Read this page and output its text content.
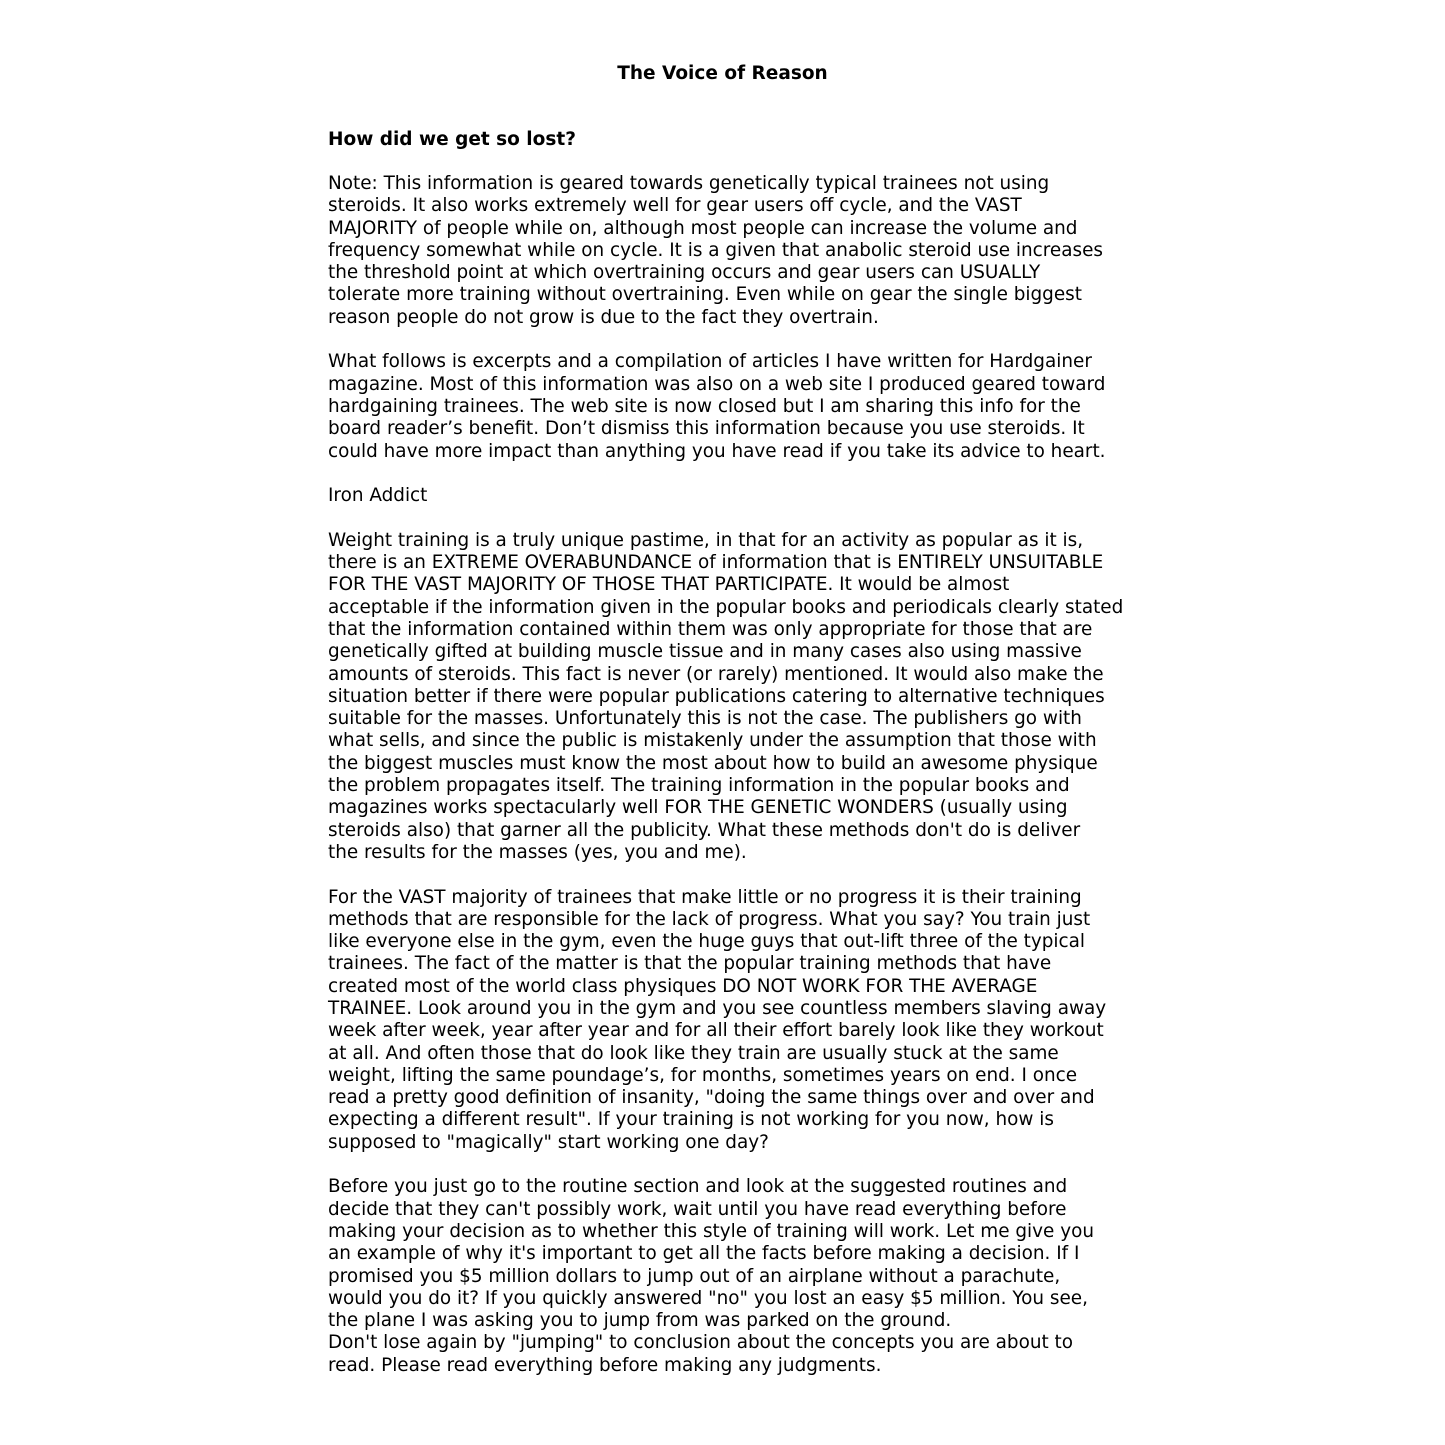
The Voice of Reason
How did we get so lost?

Note: This information is geared towards genetically typical trainees not using
steroids. It also works extremely well for gear users off cycle, and the VAST
MAJORITY of people while on, although most people can increase the volume and
frequency somewhat while on cycle. It is a given that anabolic steroid use increases
the threshold point at which overtraining occurs and gear users can USUALLY
tolerate more training without overtraining. Even while on gear the single biggest
reason people do not grow is due to the fact they overtrain.

What follows is excerpts and a compilation of articles I have written for Hardgainer
magazine. Most of this information was also on a web site I produced geared toward
hardgaining trainees. The web site is now closed but I am sharing this info for the
board reader’s benefit. Don’t dismiss this information because you use steroids. It
could have more impact than anything you have read if you take its advice to heart.

Iron Addict

Weight training is a truly unique pastime, in that for an activity as popular as it is,
there is an EXTREME OVERABUNDANCE of information that is ENTIRELY UNSUITABLE
FOR THE VAST MAJORITY OF THOSE THAT PARTICIPATE. It would be almost
acceptable if the information given in the popular books and periodicals clearly stated
that the information contained within them was only appropriate for those that are
genetically gifted at building muscle tissue and in many cases also using massive
amounts of steroids. This fact is never (or rarely) mentioned. It would also make the
situation better if there were popular publications catering to alternative techniques
suitable for the masses. Unfortunately this is not the case. The publishers go with
what sells, and since the public is mistakenly under the assumption that those with
the biggest muscles must know the most about how to build an awesome physique
the problem propagates itself. The training information in the popular books and
magazines works spectacularly well FOR THE GENETIC WONDERS (usually using
steroids also) that garner all the publicity. What these methods don't do is deliver
the results for the masses (yes, you and me).

For the VAST majority of trainees that make little or no progress it is their training
methods that are responsible for the lack of progress. What you say? You train just
like everyone else in the gym, even the huge guys that out-lift three of the typical
trainees. The fact of the matter is that the popular training methods that have
created most of the world class physiques DO NOT WORK FOR THE AVERAGE
TRAINEE. Look around you in the gym and you see countless members slaving away
week after week, year after year and for all their effort barely look like they workout
at all. And often those that do look like they train are usually stuck at the same
weight, lifting the same poundage’s, for months, sometimes years on end. I once
read a pretty good definition of insanity, "doing the same things over and over and
expecting a different result". If your training is not working for you now, how is
supposed to "magically" start working one day?

Before you just go to the routine section and look at the suggested routines and
decide that they can't possibly work, wait until you have read everything before
making your decision as to whether this style of training will work. Let me give you
an example of why it's important to get all the facts before making a decision. If I
promised you $5 million dollars to jump out of an airplane without a parachute,
would you do it? If you quickly answered "no" you lost an easy $5 million. You see,
the plane I was asking you to jump from was parked on the ground.
Don't lose again by "jumping" to conclusion about the concepts you are about to
read. Please read everything before making any judgments.
